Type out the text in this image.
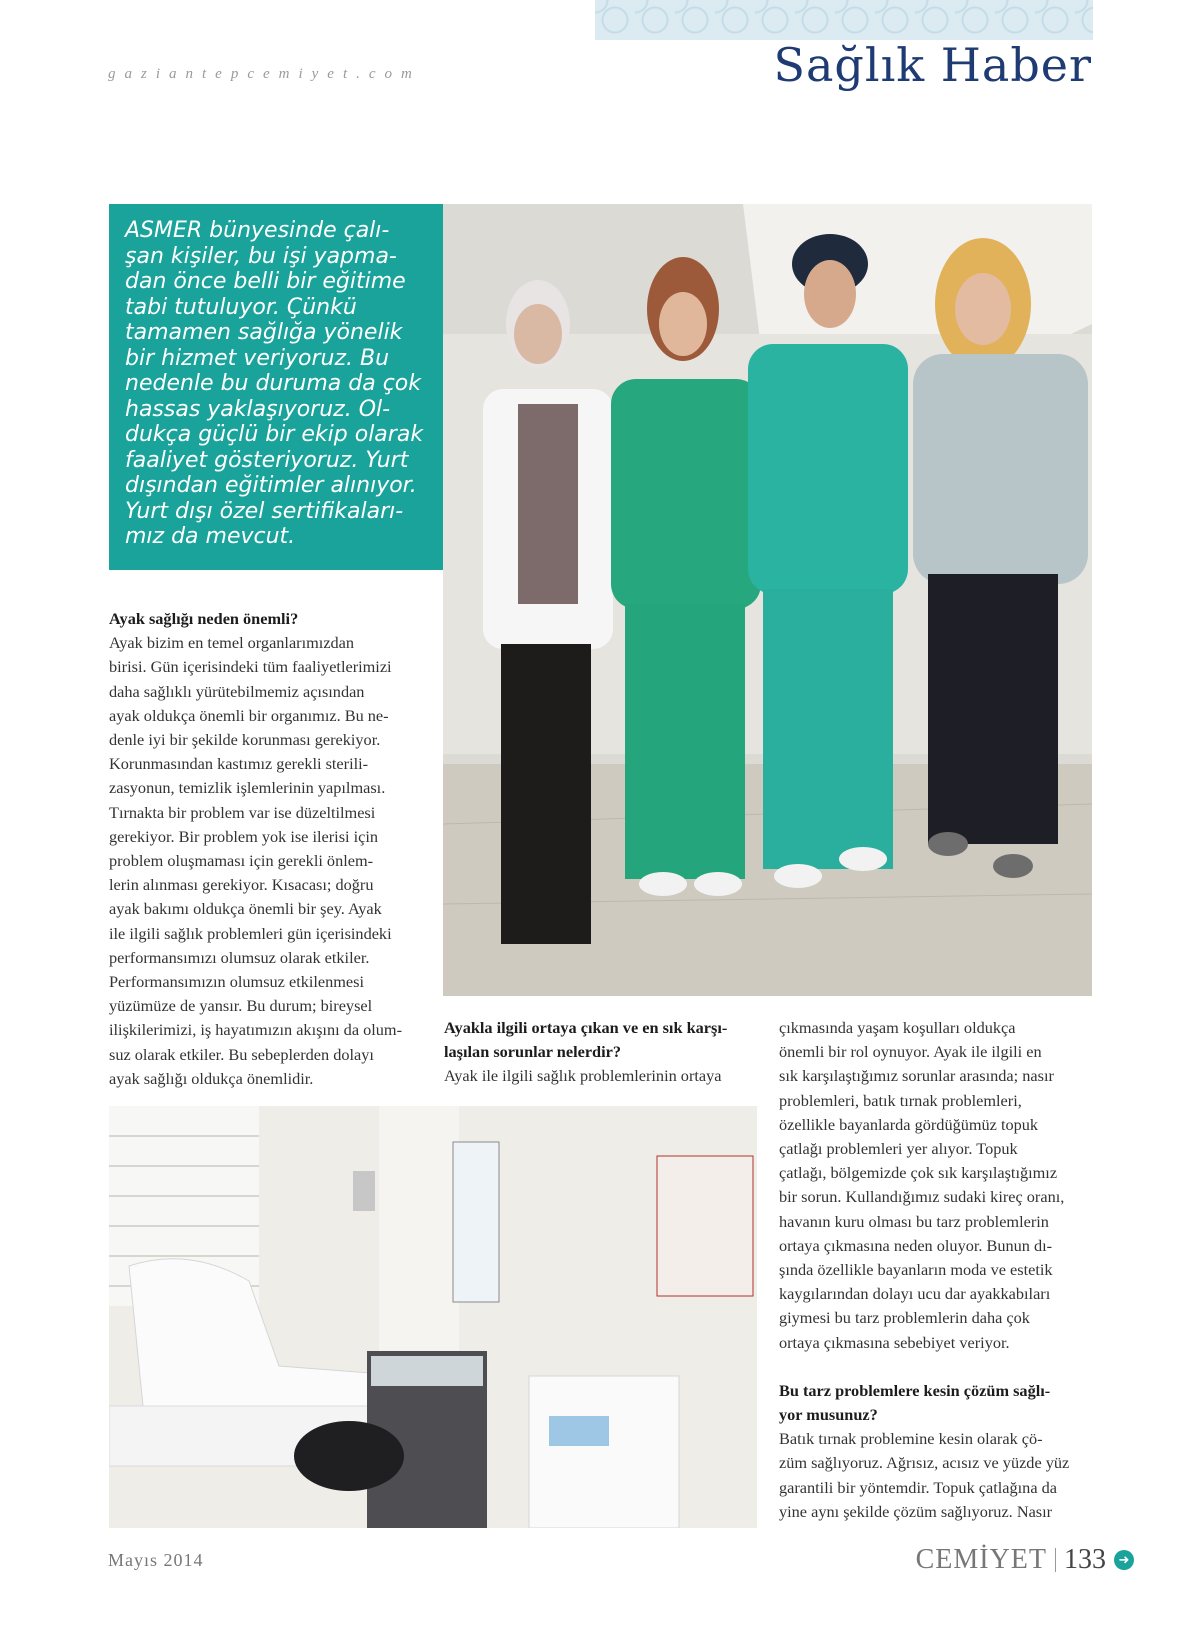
gaziantepcemiyet.com	Sağlık Haber
ASMER bünyesinde çalı-
şan kişiler, bu işi yapma-
dan önce belli bir eğitime
tabi tutuluyor. Çünkü
tamamen sağlığa yönelik
bir hizmet veriyoruz. Bu
nedenle bu duruma da çok
hassas yaklaşıyoruz. Ol-
dukça güçlü bir ekip olarak
faaliyet gösteriyoruz. Yurt
dışından eğitimler alınıyor.
Yurt dışı özel sertifikaları-
mız da mevcut.
Ayak sağlığı neden önemli?

Ayak bizim en temel organlarımızdan

birisi. Gün içerisindeki tüm faaliyetlerimizi

daha sağlıklı yürütebilmemiz açısından

ayak oldukça önemli bir organımız. Bu ne-

denle iyi bir şekilde korunması gerekiyor.

Korunmasından kastımız gerekli sterili-

zasyonun, temizlik işlemlerinin yapılması.

Tırnakta bir problem var ise düzeltilmesi

gerekiyor. Bir problem yok ise ilerisi için

problem oluşmaması için gerekli önlem-

lerin alınması gerekiyor. Kısacası; doğru

ayak bakımı oldukça önemli bir şey. Ayak

ile ilgili sağlık problemleri gün içerisindeki

performansımızı olumsuz olarak etkiler.

Performansımızın olumsuz etkilenmesi

yüzümüze de yansır. Bu durum; bireysel

ilişkilerimizi, iş hayatımızın akışını da olum-

suz olarak etkiler. Bu sebeplerden dolayı

ayak sağlığı oldukça önemlidir.

Ayakla ilgili ortaya çıkan ve en sık karşı-
laşılan sorunlar nelerdir?

Ayak ile ilgili sağlık problemlerinin ortaya

çıkmasında yaşam koşulları oldukça

önemli bir rol oynuyor. Ayak ile ilgili en

sık karşılaştığımız sorunlar arasında; nasır

problemleri, batık tırnak problemleri,

özellikle bayanlarda gördüğümüz topuk

çatlağı problemleri yer alıyor. Topuk

çatlağı, bölgemizde çok sık karşılaştığımız

bir sorun. Kullandığımız sudaki kireç oranı,

havanın kuru olması bu tarz problemlerin

ortaya çıkmasına neden oluyor. Bunun dı-

şında özellikle bayanların moda ve estetik

kaygılarından dolayı ucu dar ayakkabıları

giymesi bu tarz problemlerin daha çok

ortaya çıkmasına sebebiyet veriyor.

Bu tarz problemlere kesin çözüm sağlı-
yor musunuz?

Batık tırnak problemine kesin olarak çö-

züm sağlıyoruz. Ağrısız, acısız ve yüzde yüz

garantili bir yöntemdir. Topuk çatlağına da

yine aynı şekilde çözüm sağlıyoruz. Nasır

Mayıs 2014	CEMİYET 133 ➜
